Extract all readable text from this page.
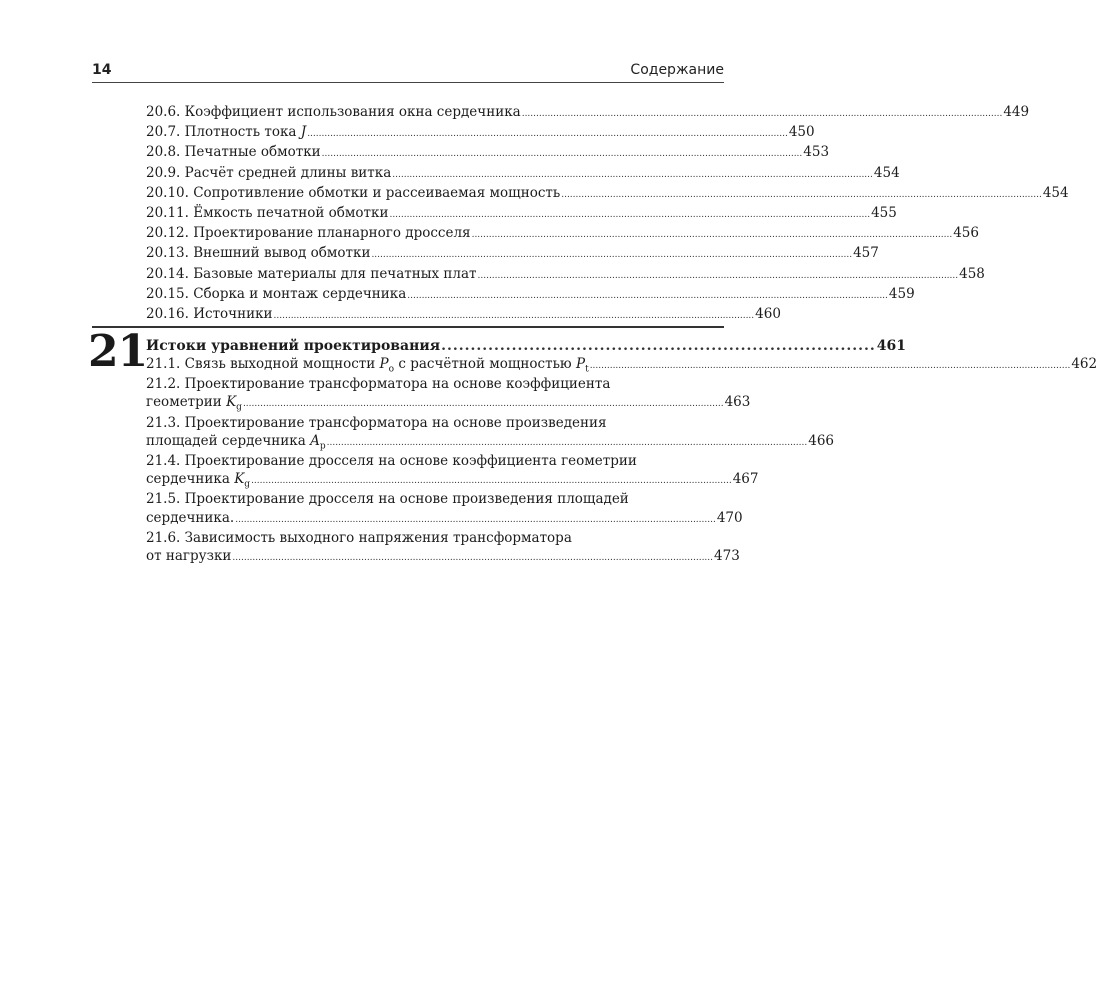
14	Содержание
20.6. Коэффициент использования окна сердечника ........................................................................................................................................................................ 449
20.7. Плотность тока J ........................................................................................................................................................................ 450
20.8. Печатные обмотки ........................................................................................................................................................................ 453
20.9. Расчёт средней длины витка ........................................................................................................................................................................ 454
20.10. Сопротивление обмотки и рассеиваемая мощность ........................................................................................................................................................................ 454
20.11. Ёмкость печатной обмотки ........................................................................................................................................................................ 455
20.12. Проектирование планарного дросселя ........................................................................................................................................................................ 456
20.13. Внешний вывод обмотки ........................................................................................................................................................................ 457
20.14. Базовые материалы для печатных плат ........................................................................................................................................................................ 458
20.15. Сборка и монтаж сердечника ........................................................................................................................................................................ 459
20.16. Источники ........................................................................................................................................................................ 460
21
Истоки уравнений проектирования .......................................................................... 461
21.1. Связь выходной мощности $P_o$ с расчётной мощностью $P_t$ ........................................................................................................................................................................ 462
21.2. Проектирование трансформатора на основе коэффициента
геометрии $K_g$ ........................................................................................................................................................................ 463
21.3. Проектирование трансформатора на основе произведения
площадей сердечника $A_p$ ........................................................................................................................................................................ 466
21.4. Проектирование дросселя на основе коэффициента геометрии
сердечника $K_g$ ........................................................................................................................................................................ 467
21.5. Проектирование дросселя на основе произведения площадей
сердечника. ........................................................................................................................................................................ 470
21.6. Зависимость выходного напряжения трансформатора
от нагрузки ........................................................................................................................................................................ 473
